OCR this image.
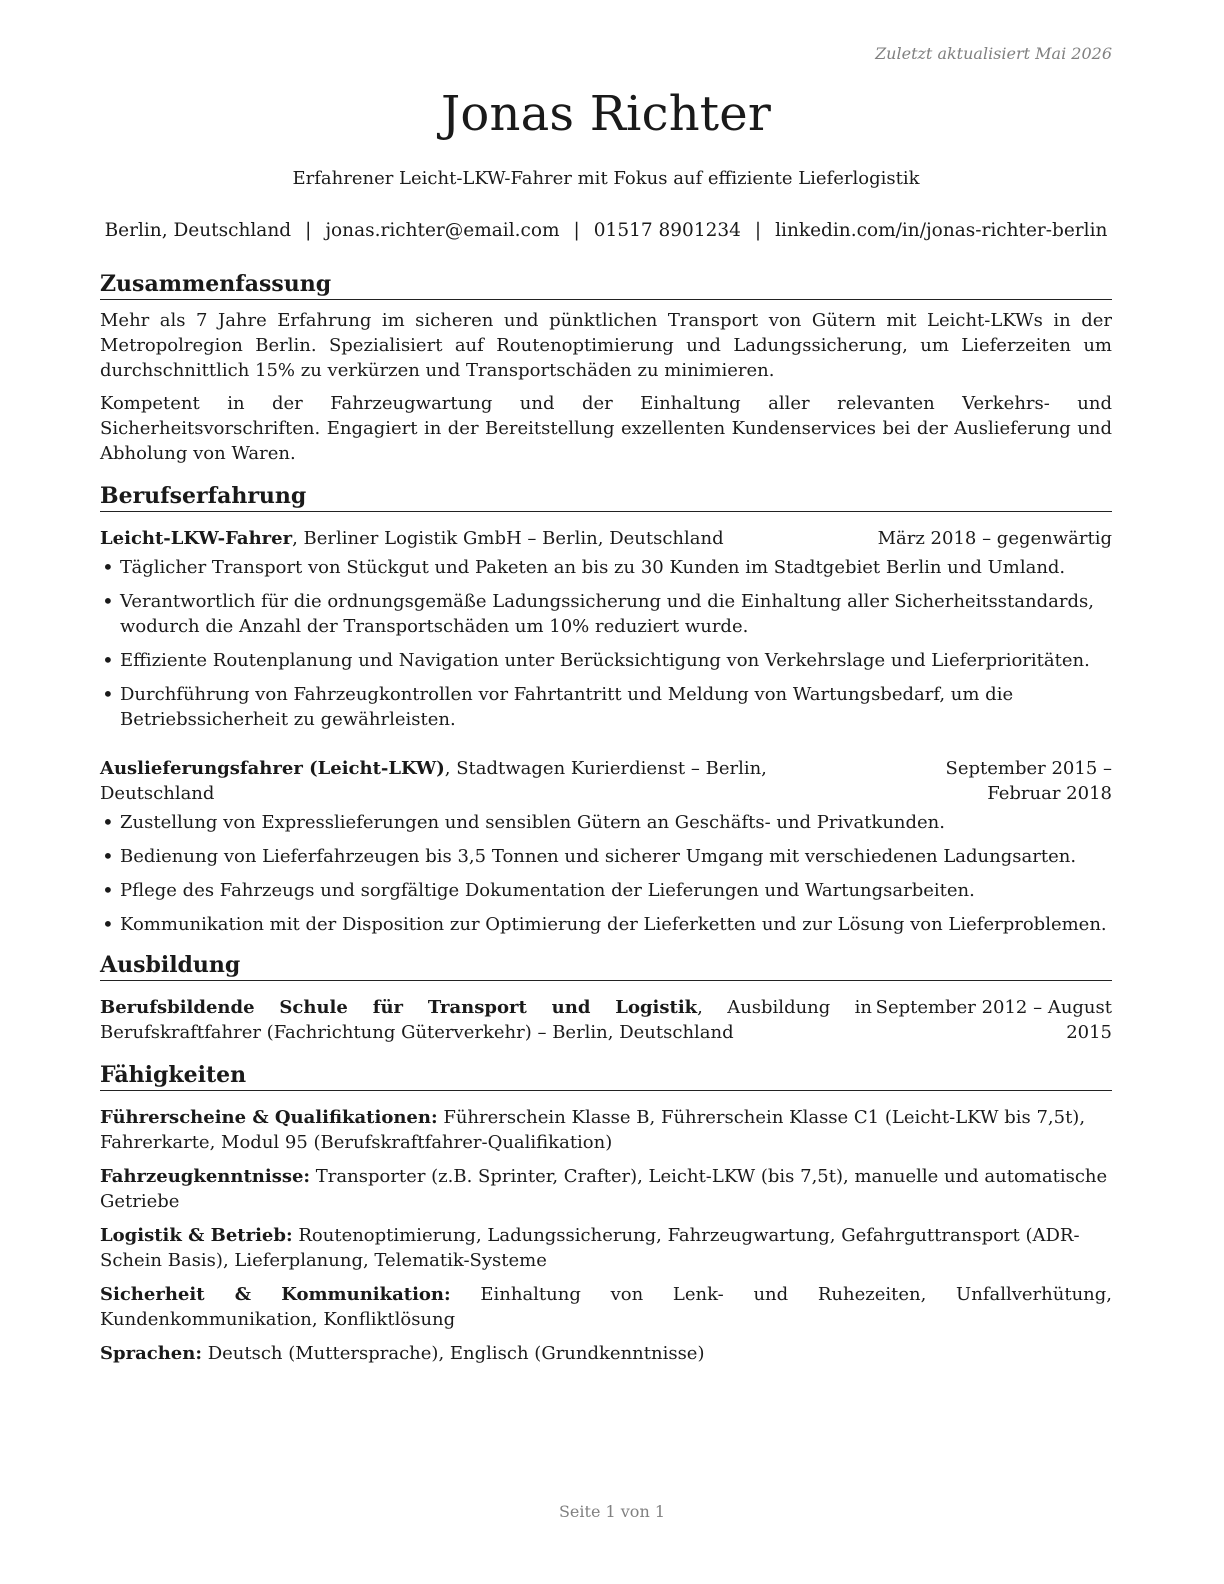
Zuletzt aktualisiert Mai 2026
Jonas Richter
Erfahrener Leicht-LKW-Fahrer mit Fokus auf effiziente Lieferlogistik
Berlin, Deutschland | jonas.richter@email.com | 01517 8901234 | linkedin.com/in/jonas-richter-berlin
Zusammenfassung

Mehr als 7 Jahre Erfahrung im sicheren und pünktlichen Transport von Gütern mit Leicht-LKWs in der Metropolregion Berlin. Spezialisiert auf Routenoptimierung und Ladungssicherung, um Lieferzeiten um durchschnittlich 15% zu verkürzen und Transportschäden zu minimieren.

Kompetent in der Fahrzeugwartung und der Einhaltung aller relevanten Verkehrs- und Sicherheitsvorschriften. Engagiert in der Bereitstellung exzellenten Kundenservices bei der Auslieferung und Abholung von Waren.

Berufserfahrung
Leicht-LKW-Fahrer, Berliner Logistik GmbH – Berlin, Deutschland	März 2018 – gegenwärtig
• Täglicher Transport von Stückgut und Paketen an bis zu 30 Kunden im Stadtgebiet Berlin und Umland.
• Verantwortlich für die ordnungsgemäße Ladungssicherung und die Einhaltung aller Sicherheitsstandards, wodurch die Anzahl der Transportschäden um 10% reduziert wurde.
• Effiziente Routenplanung und Navigation unter Berücksichtigung von Verkehrslage und Lieferprioritäten.
• Durchführung von Fahrzeugkontrollen vor Fahrtantritt und Meldung von Wartungsbedarf, um die Betriebssicherheit zu gewährleisten.
Auslieferungsfahrer (Leicht-LKW), Stadtwagen Kurierdienst – Berlin, Deutschland
September 2015 – Februar 2018
• Zustellung von Expresslieferungen und sensiblen Gütern an Geschäfts- und Privatkunden.
• Bedienung von Lieferfahrzeugen bis 3,5 Tonnen und sicherer Umgang mit verschiedenen Ladungsarten.
• Pflege des Fahrzeugs und sorgfältige Dokumentation der Lieferungen und Wartungsarbeiten.
• Kommunikation mit der Disposition zur Optimierung der Lieferketten und zur Lösung von Lieferproblemen.
Ausbildung
Berufsbildende Schule für Transport und Logistik, Ausbildung in Berufskraftfahrer (Fachrichtung Güterverkehr) – Berlin, Deutschland
September 2012 – August 2015
Fähigkeiten
Führerscheine & Qualifikationen: Führerschein Klasse B, Führerschein Klasse C1 (Leicht-LKW bis 7,5t), Fahrerkarte, Modul 95 (Berufskraftfahrer-Qualifikation)
Fahrzeugkenntnisse: Transporter (z.B. Sprinter, Crafter), Leicht-LKW (bis 7,5t), manuelle und automatische Getriebe
Logistik & Betrieb: Routenoptimierung, Ladungssicherung, Fahrzeugwartung, Gefahrguttransport (ADR-Schein Basis), Lieferplanung, Telematik-Systeme
Sicherheit & Kommunikation: Einhaltung von Lenk- und Ruhezeiten, Unfallverhütung, Kundenkommunikation, Konfliktlösung
Sprachen: Deutsch (Muttersprache), Englisch (Grundkenntnisse)
Seite 1 von 1
